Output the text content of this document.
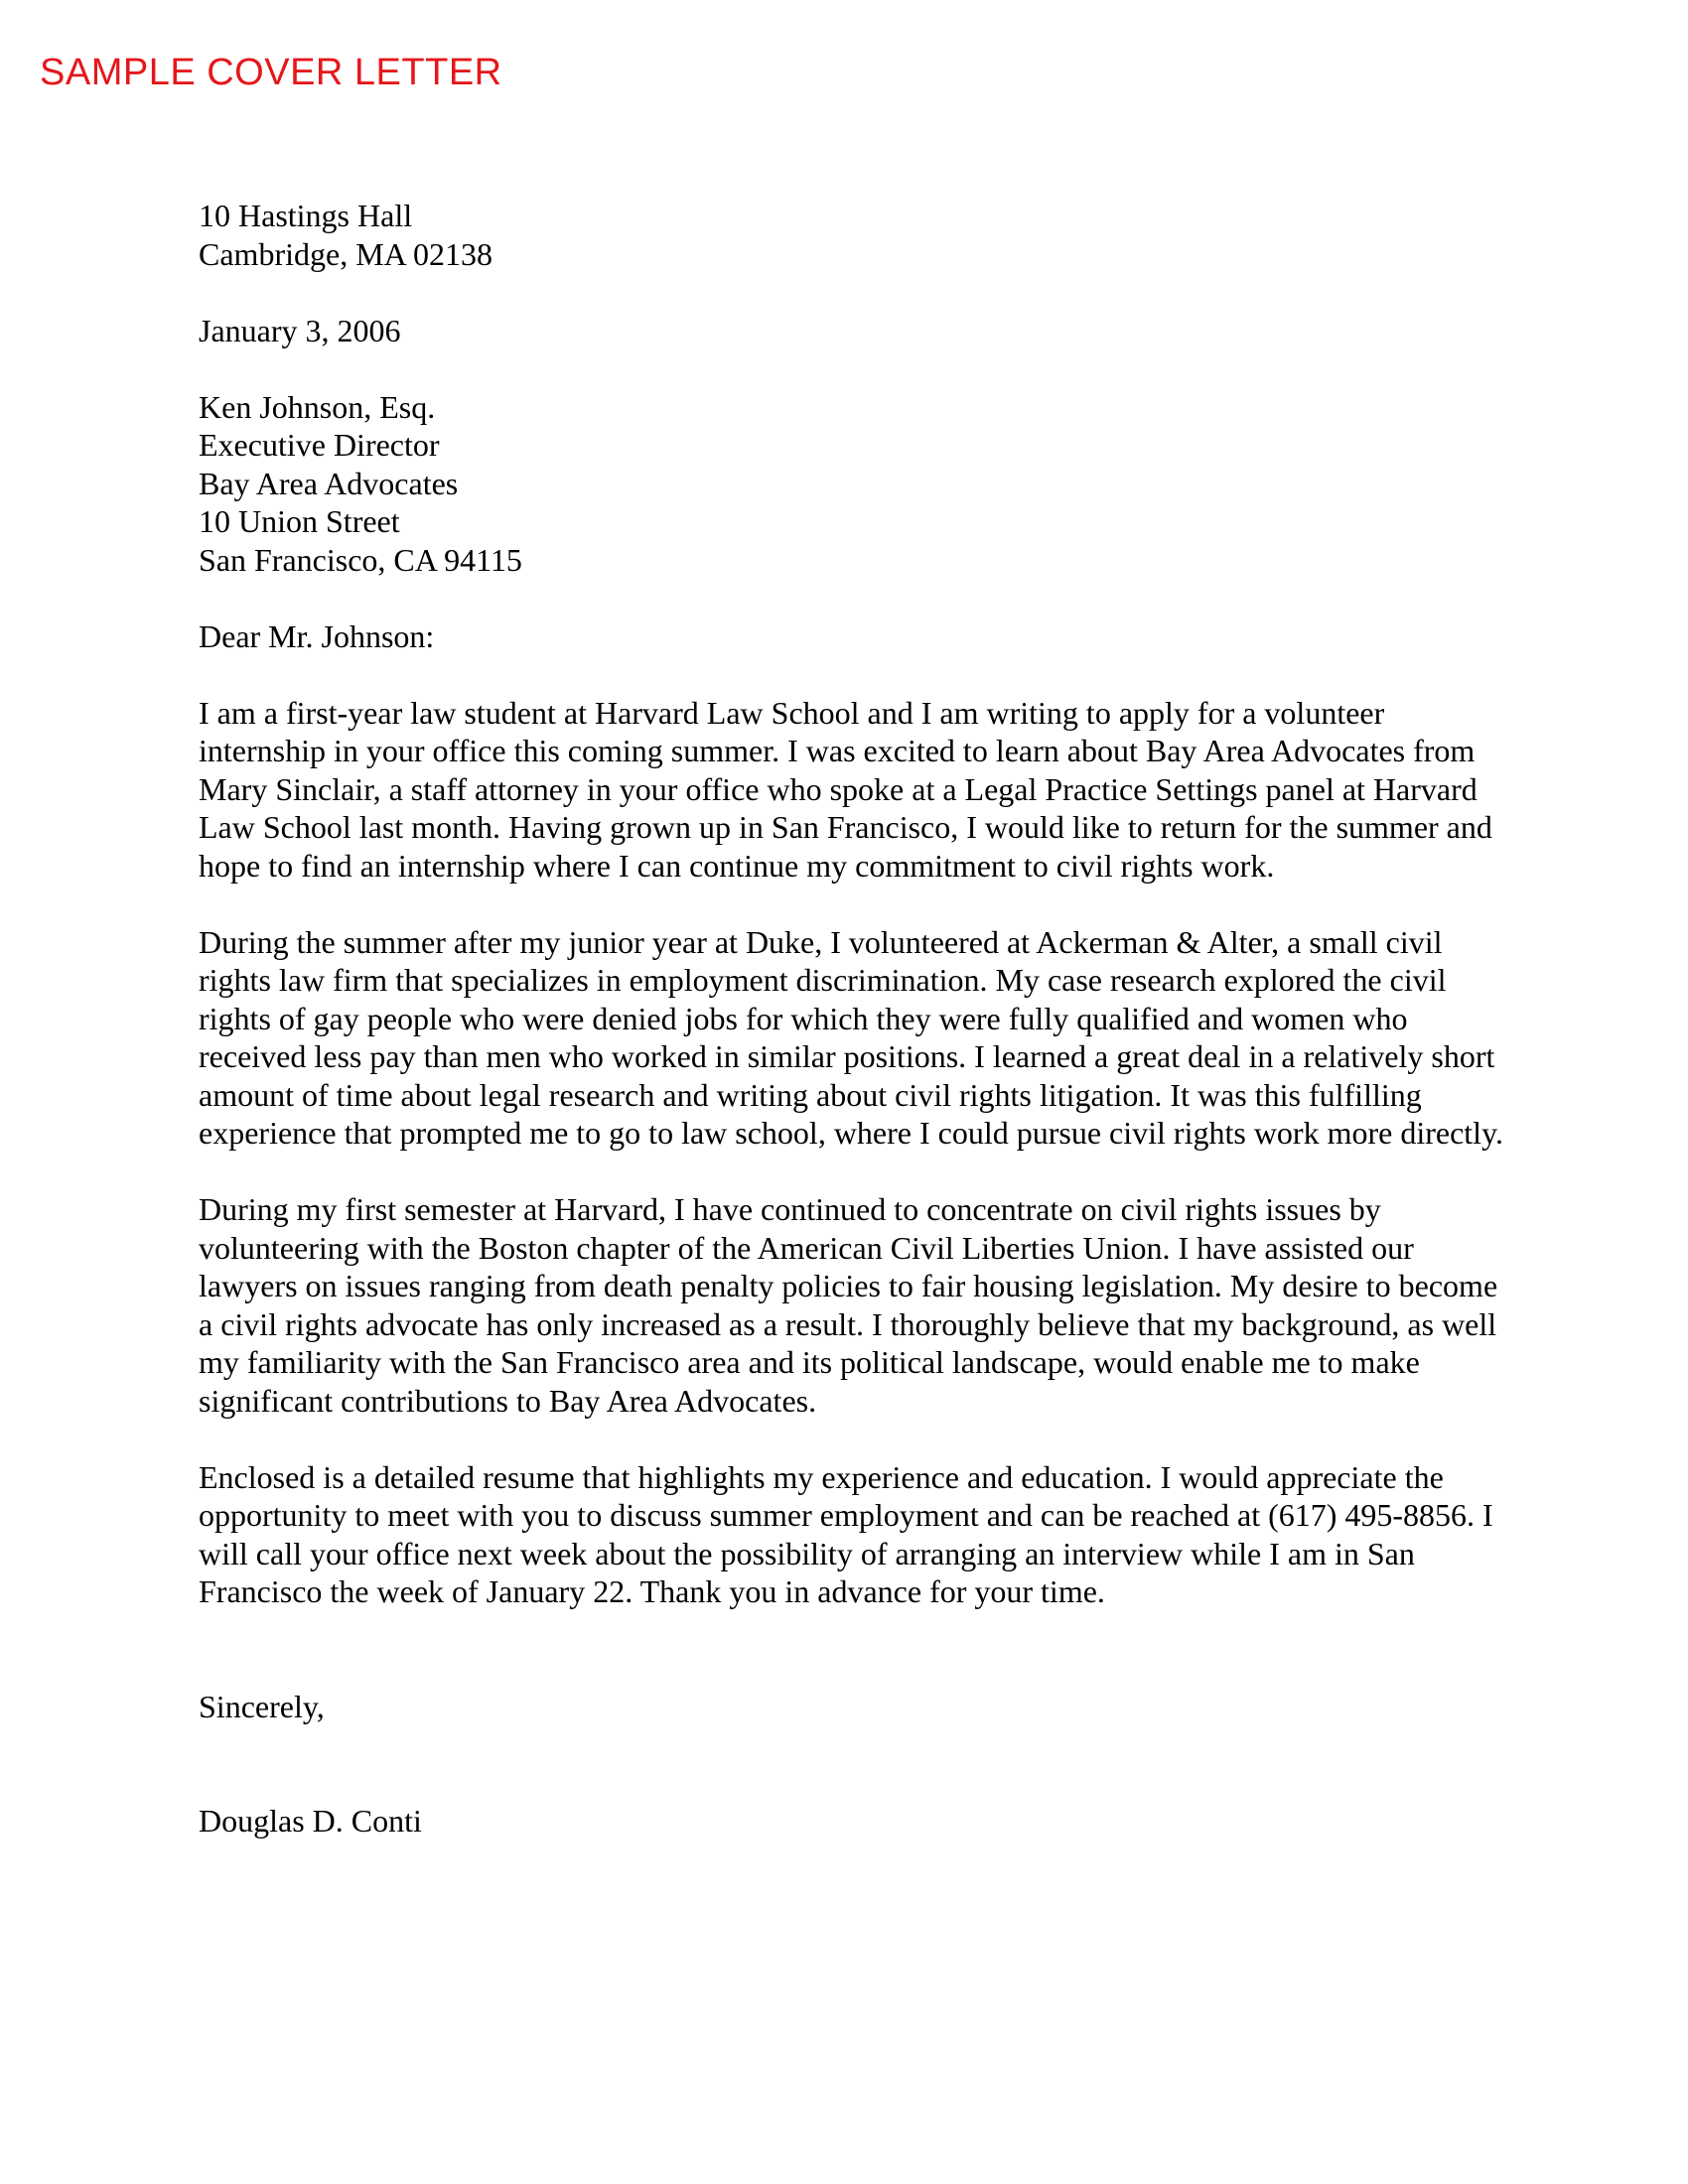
SAMPLE COVER LETTER
10 Hastings Hall
Cambridge, MA 02138

January 3, 2006

Ken Johnson, Esq.
Executive Director
Bay Area Advocates
10 Union Street
San Francisco, CA 94115

Dear Mr. Johnson:

I am a first-year law student at Harvard Law School and I am writing to apply for a volunteer internship in your office this coming summer. I was excited to learn about Bay Area Advocates from Mary Sinclair, a staff attorney in your office who spoke at a Legal Practice Settings panel at Harvard Law School last month. Having grown up in San Francisco, I would like to return for the summer and hope to find an internship where I can continue my commitment to civil rights work.

During the summer after my junior year at Duke, I volunteered at Ackerman & Alter, a small civil rights law firm that specializes in employment discrimination. My case research explored the civil rights of gay people who were denied jobs for which they were fully qualified and women who received less pay than men who worked in similar positions. I learned a great deal in a relatively short amount of time about legal research and writing about civil rights litigation. It was this fulfilling experience that prompted me to go to law school, where I could pursue civil rights work more directly.

During my first semester at Harvard, I have continued to concentrate on civil rights issues by volunteering with the Boston chapter of the American Civil Liberties Union. I have assisted our lawyers on issues ranging from death penalty policies to fair housing legislation. My desire to become a civil rights advocate has only increased as a result. I thoroughly believe that my background, as well my familiarity with the San Francisco area and its political landscape, would enable me to make significant contributions to Bay Area Advocates.

Enclosed is a detailed resume that highlights my experience and education. I would appreciate the opportunity to meet with you to discuss summer employment and can be reached at (617) 495-8856. I will call your office next week about the possibility of arranging an interview while I am in San Francisco the week of January 22. Thank you in advance for your time.

Sincerely,

Douglas D. Conti
